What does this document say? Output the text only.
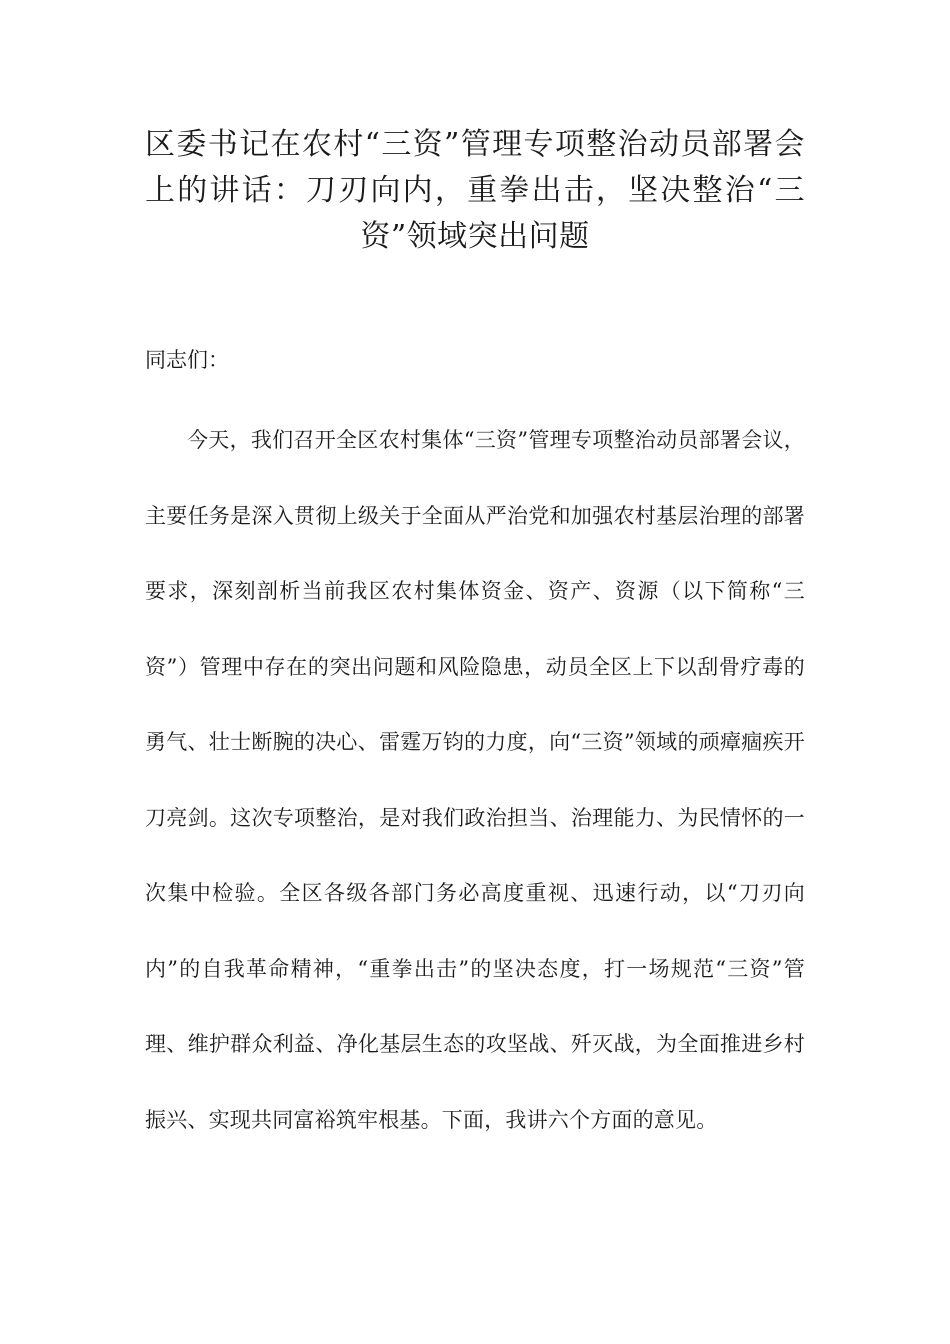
区委书记在农村“三资”管理专项整治动员部署会上的讲话：刀刃向内，重拳出击，坚决整治“三资”领域突出问题

同志们：

今天，我们召开全区农村集体“三资”管理专项整治动员部署会议，主要任务是深入贯彻上级关于全面从严治党和加强农村基层治理的部署要求，深刻剖析当前我区农村集体资金、资产、资源（以下简称“三资”）管理中存在的突出问题和风险隐患，动员全区上下以刮骨疗毒的勇气、壮士断腕的决心、雷霆万钧的力度，向“三资”领域的顽瘴痼疾开刀亮剑。这次专项整治，是对我们政治担当、治理能力、为民情怀的一次集中检验。全区各级各部门务必高度重视、迅速行动，以“刀刃向内”的自我革命精神，“重拳出击”的坚决态度，打一场规范“三资”管理、维护群众利益、净化基层生态的攻坚战、歼灭战，为全面推进乡村振兴、实现共同富裕筑牢根基。下面，我讲六个方面的意见。
